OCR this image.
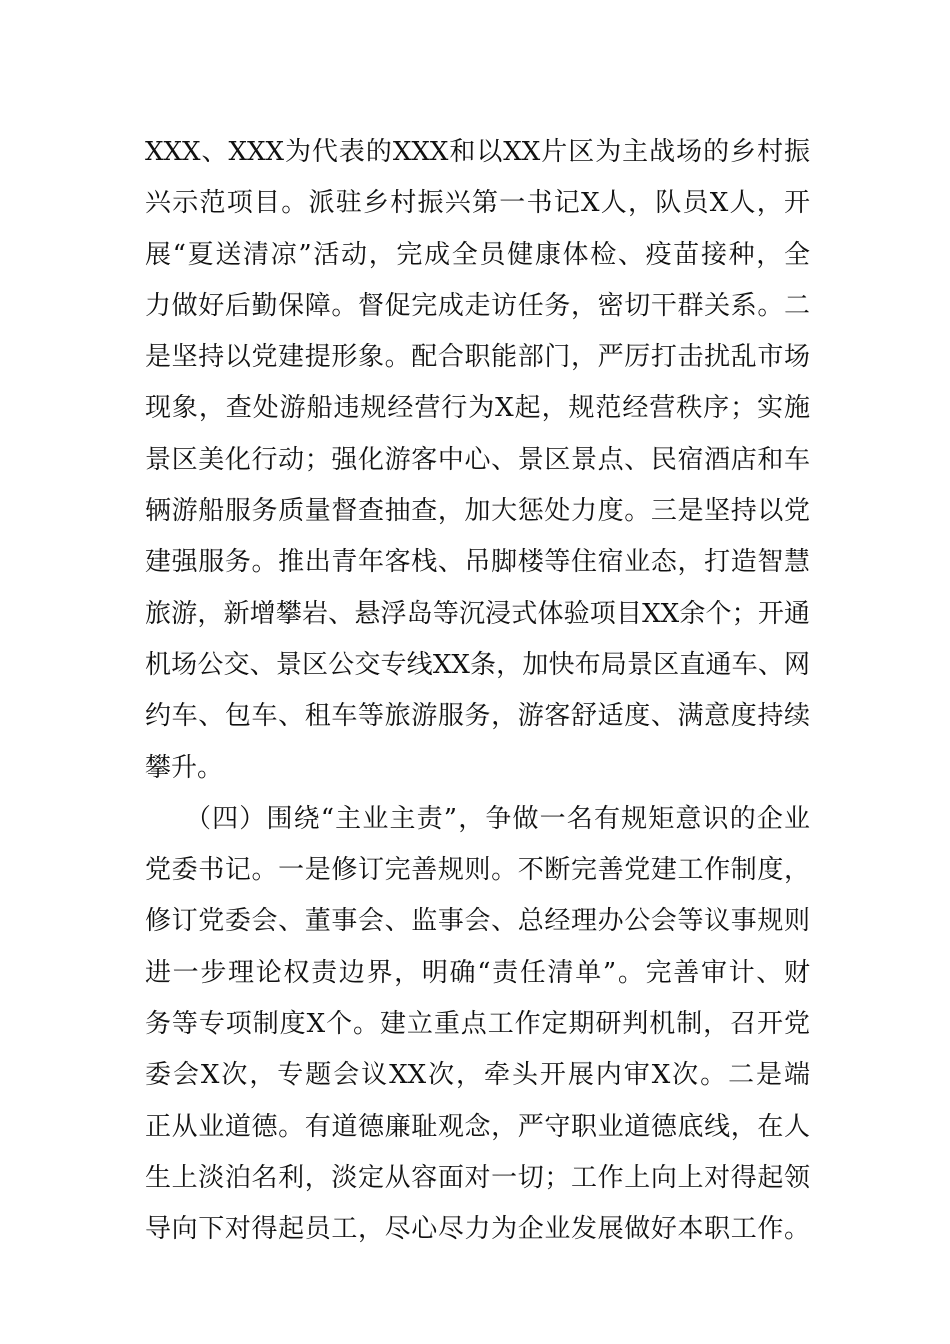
XXX、XXX为代表的XXX和以XX片区为主战场的乡村振
兴示范项目。派驻乡村振兴第一书记X人，队员X人，开
展“夏送清凉”活动，完成全员健康体检、疫苗接种，全
力做好后勤保障。督促完成走访任务，密切干群关系。二
是坚持以党建提形象。配合职能部门，严厉打击扰乱市场
现象，查处游船违规经营行为X起，规范经营秩序；实施
景区美化行动；强化游客中心、景区景点、民宿酒店和车
辆游船服务质量督查抽查，加大惩处力度。三是坚持以党
建强服务。推出青年客栈、吊脚楼等住宿业态，打造智慧
旅游，新增攀岩、悬浮岛等沉浸式体验项目XX余个；开通
机场公交、景区公交专线XX条，加快布局景区直通车、网
约车、包车、租车等旅游服务，游客舒适度、满意度持续
攀升。
（四）围绕“主业主责”，争做一名有规矩意识的企业
党委书记。一是修订完善规则。不断完善党建工作制度，
修订党委会、董事会、监事会、总经理办公会等议事规则
进一步理论权责边界，明确“责任清单”。完善审计、财
务等专项制度X个。建立重点工作定期研判机制，召开党
委会X次，专题会议XX次，牵头开展内审X次。二是端
正从业道德。有道德廉耻观念，严守职业道德底线，在人
生上淡泊名利，淡定从容面对一切；工作上向上对得起领
导向下对得起员工，尽心尽力为企业发展做好本职工作。
